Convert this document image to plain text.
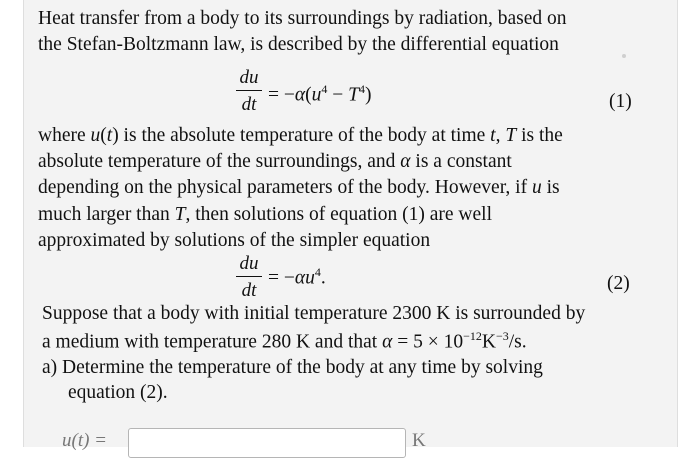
Heat transfer from a body to its surroundings by radiation, based on
the Stefan-Boltzmann law, is described by the differential equation
du
dt = $-\alpha(u^4 - T^4)$	(1)
where u(t) is the absolute temperature of the body at time t, T is the
absolute temperature of the surroundings, and α is a constant
depending on the physical parameters of the body. However, if u is
much larger than T, then solutions of equation (1) are well
approximated by solutions of the simpler equation
du
dt
= $-\alpha u^4$.	(2)
Suppose that a body with initial temperature 2300 K is surrounded by
a medium with temperature 280 K and that $\alpha = 5 \times 10^{-12}K^{-3}/s$.
a) Determine the temperature of the body at any time by solving
equation (2).
u(t) =	K
